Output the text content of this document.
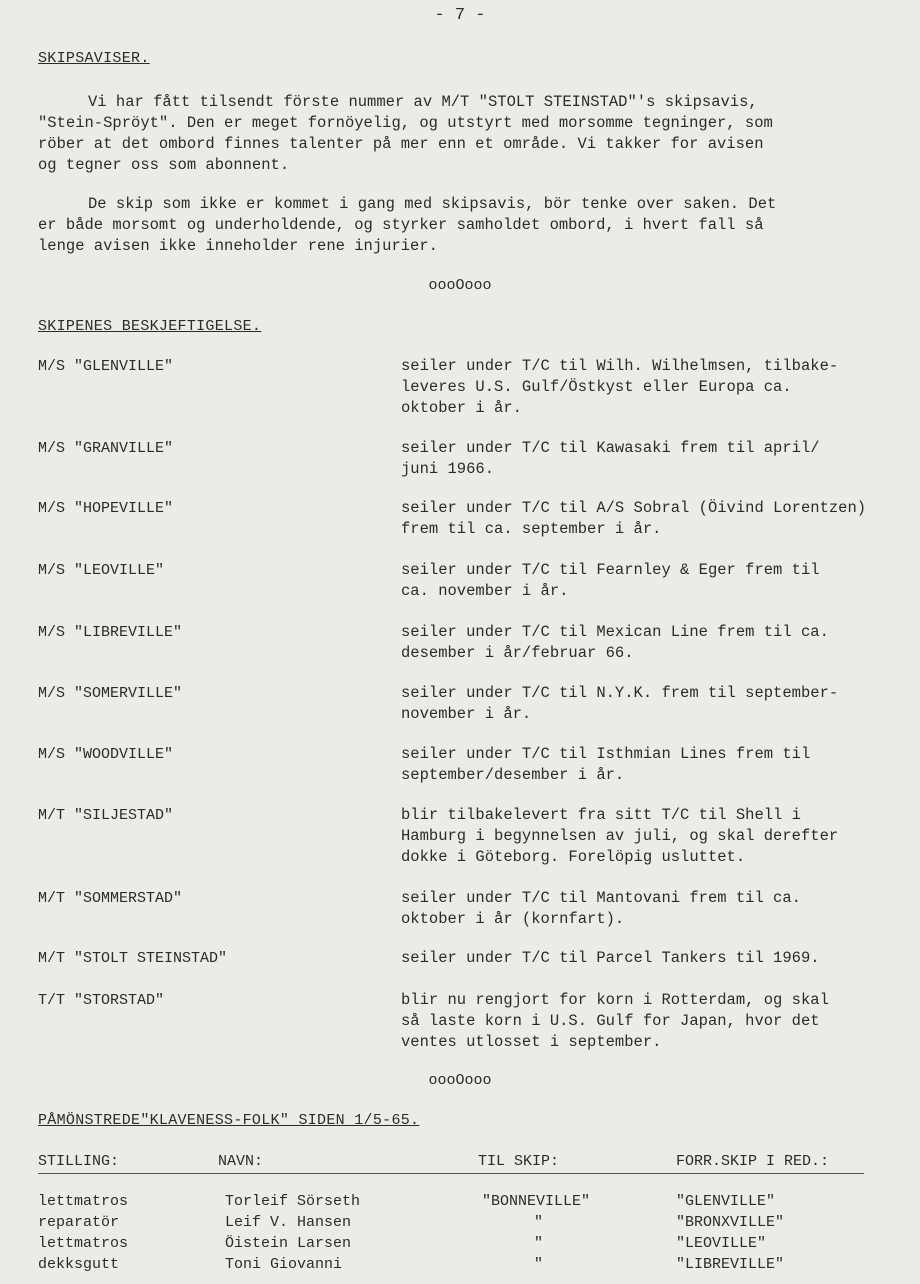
- 7 -
SKIPSAVISER.
Vi har fått tilsendt förste nummer av M/T "STOLT STEINSTAD"'s skipsavis,
"Stein-Spröyt". Den er meget fornöyelig, og utstyrt med morsomme tegninger, som
röber at det ombord finnes talenter på mer enn et område. Vi takker for avisen
og tegner oss som abonnent.
De skip som ikke er kommet i gang med skipsavis, bör tenke over saken. Det
er både morsomt og underholdende, og styrker samholdet ombord, i hvert fall så
lenge avisen ikke inneholder rene injurier.
oooOooo
SKIPENES BESKJEFTIGELSE.
M/S "GLENVILLE"	seiler under T/C til Wilh. Wilhelmsen, tilbake-
leveres U.S. Gulf/Östkyst eller Europa ca.
oktober i år.
M/S "GRANVILLE"	seiler under T/C til Kawasaki frem til april/
juni 1966.
M/S "HOPEVILLE"	seiler under T/C til A/S Sobral (Öivind Lorentzen)
frem til ca. september i år.
M/S "LEOVILLE"	seiler under T/C til Fearnley & Eger frem til
ca. november i år.
M/S "LIBREVILLE"	seiler under T/C til Mexican Line frem til ca.
desember i år/februar 66.
M/S "SOMERVILLE"	seiler under T/C til N.Y.K. frem til september-
november i år.
M/S "WOODVILLE"	seiler under T/C til Isthmian Lines frem til
september/desember i år.
M/T "SILJESTAD"	blir tilbakelevert fra sitt T/C til Shell i
Hamburg i begynnelsen av juli, og skal derefter
dokke i Göteborg. Forelöpig usluttet.
M/T "SOMMERSTAD"	seiler under T/C til Mantovani frem til ca.
oktober i år (kornfart).
M/T "STOLT STEINSTAD"	seiler under T/C til Parcel Tankers til 1969.
T/T "STORSTAD"	blir nu rengjort for korn i Rotterdam, og skal
så laste korn i U.S. Gulf for Japan, hvor det
ventes utlosset i september.
oooOooo
PÅMÖNSTREDE"KLAVENESS-FOLK" SIDEN 1/5-65.
STILLING:	NAVN:	TIL SKIP:	FORR.SKIP I RED.:
lettmatros	Torleif Sörseth	"BONNEVILLE"	"GLENVILLE"
reparatör	Leif V. Hansen	"	"BRONXVILLE"
lettmatros	Öistein Larsen	"	"LEOVILLE"
dekksgutt	Toni Giovanni	"	"LIBREVILLE"
